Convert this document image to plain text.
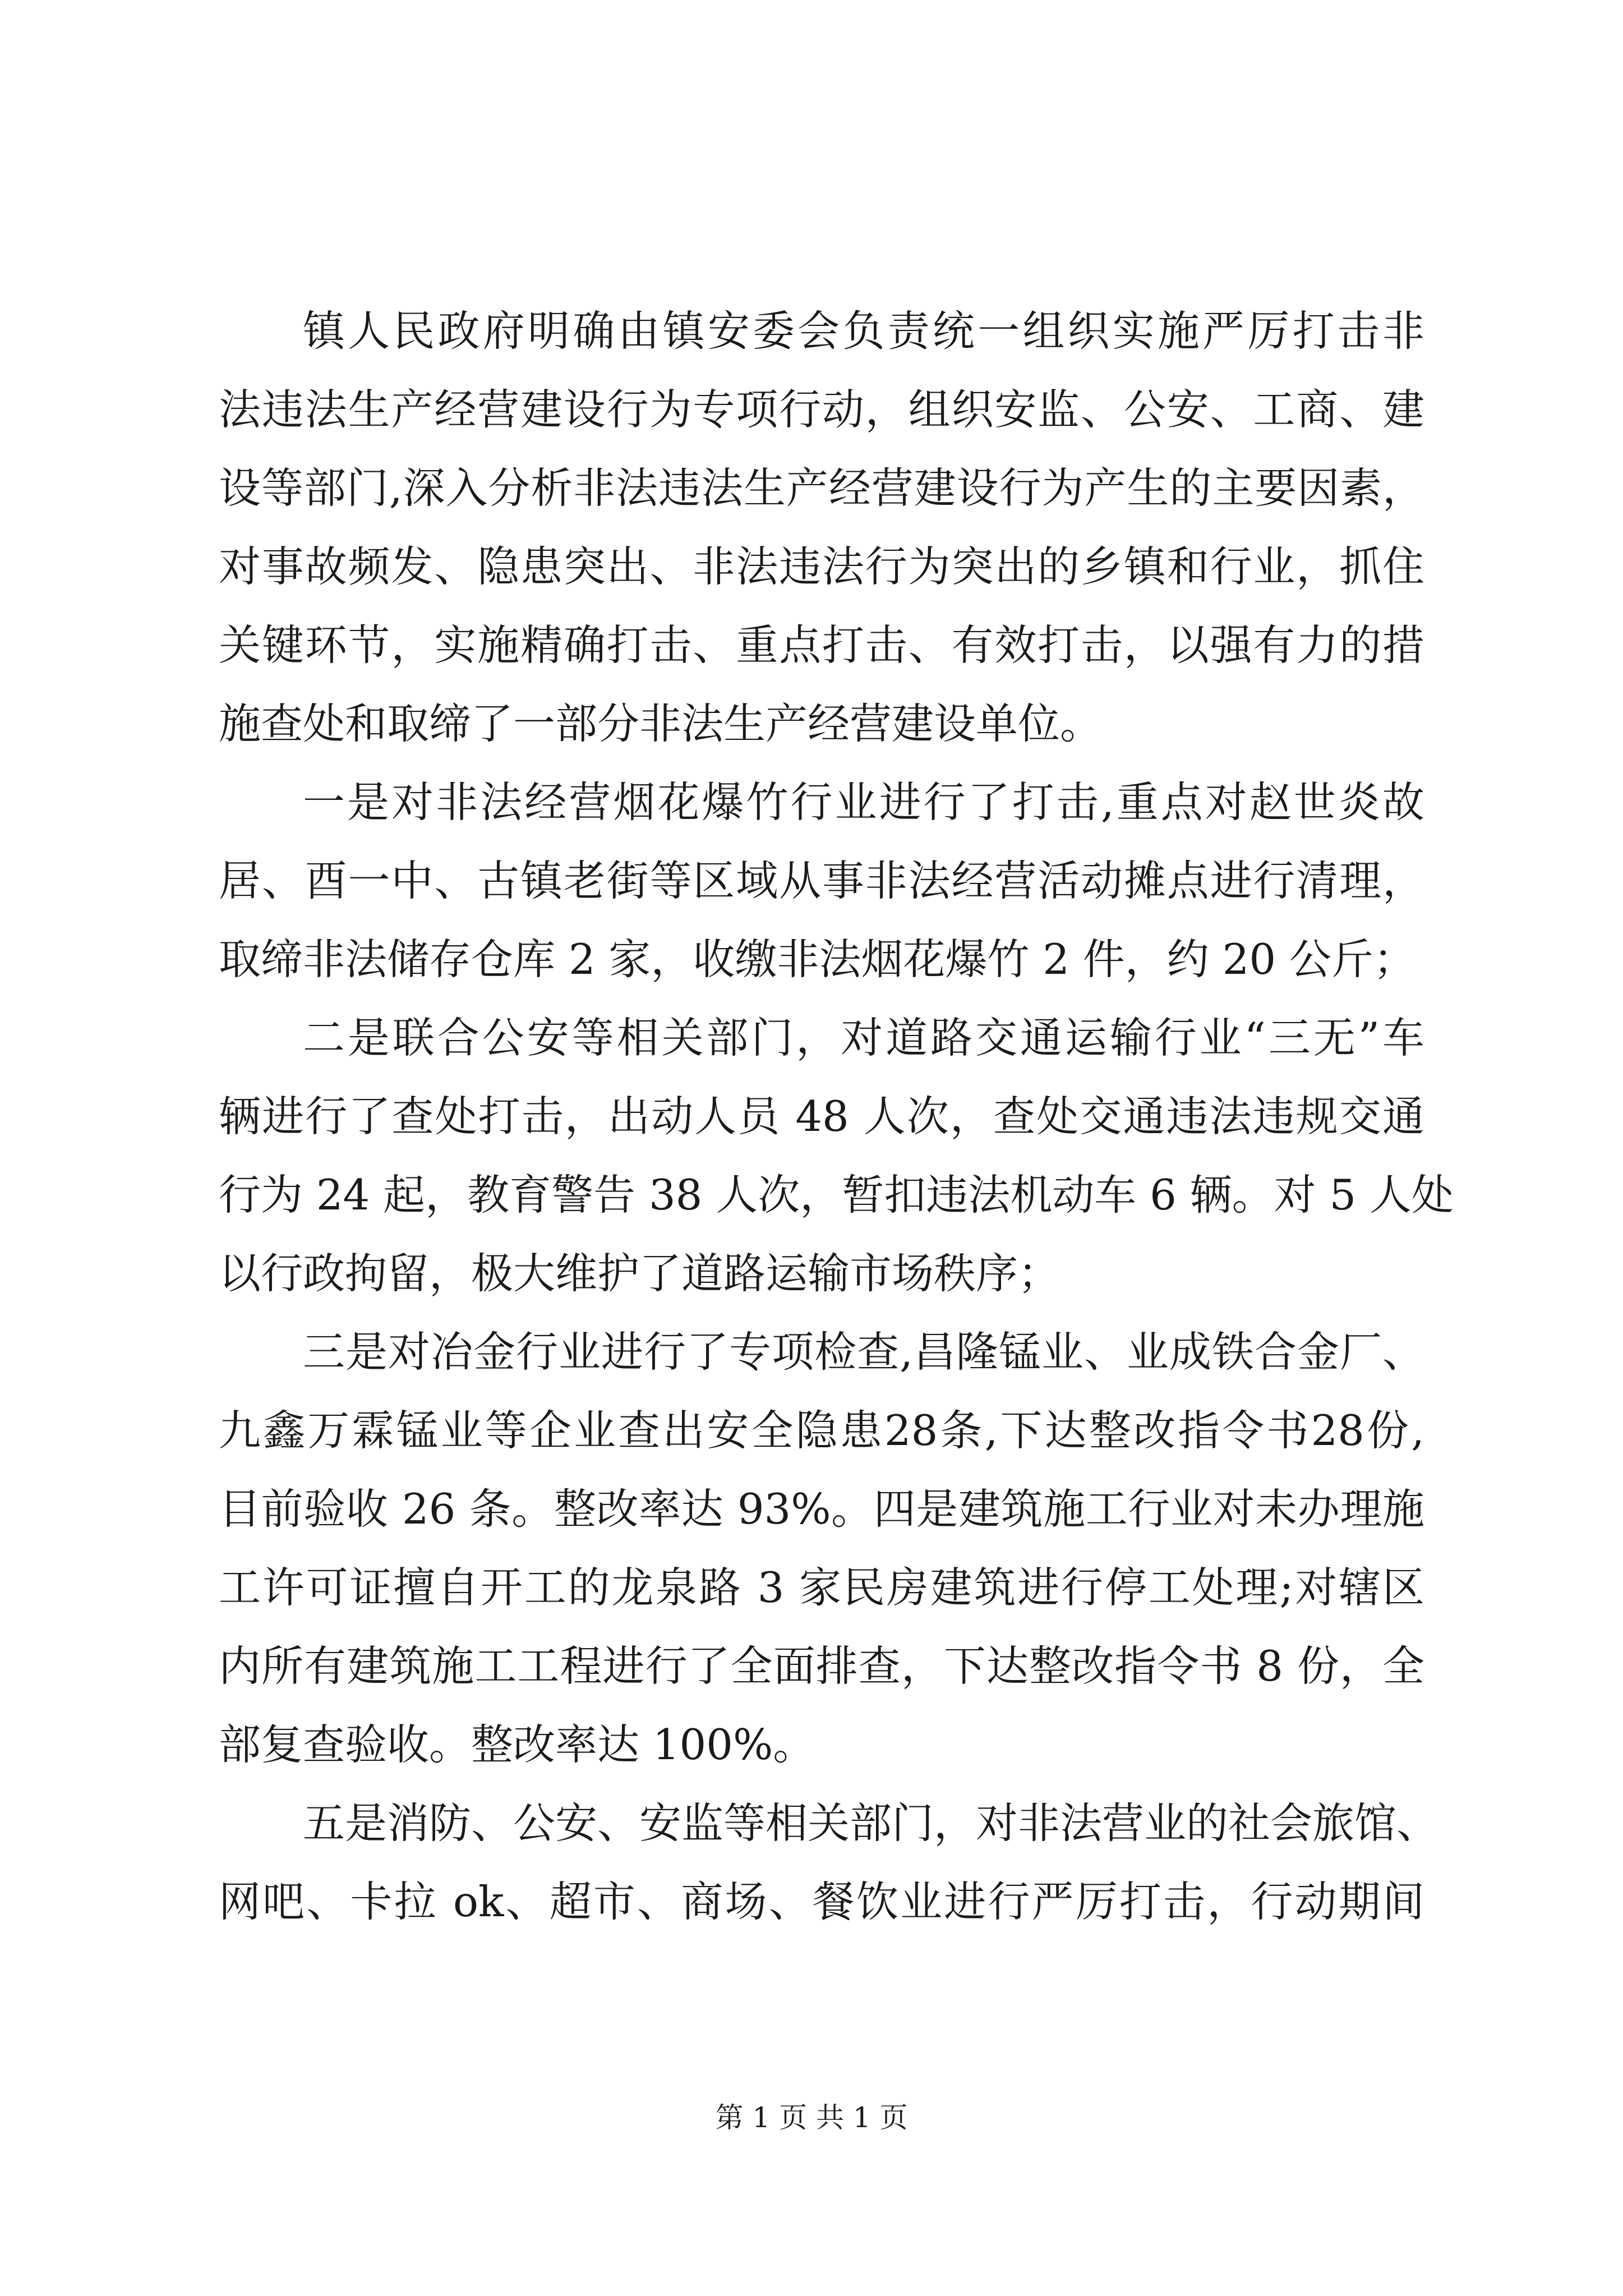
镇人民政府明确由镇安委会负责统一组织实施严厉打击非
法违法生产经营建设行为专项行动，组织安监、公安、工商、建
设等部门,深入分析非法违法生产经营建设行为产生的主要因素，
对事故频发、隐患突出、非法违法行为突出的乡镇和行业，抓住
关键环节，实施精确打击、重点打击、有效打击，以强有力的措
施查处和取缔了一部分非法生产经营建设单位。
一是对非法经营烟花爆竹行业进行了打击,重点对赵世炎故
居、酉一中、古镇老街等区域从事非法经营活动摊点进行清理，
取缔非法储存仓库 2 家，收缴非法烟花爆竹 2 件，约 20 公斤；
二是联合公安等相关部门，对道路交通运输行业“三无”车
辆进行了查处打击，出动人员 48 人次，查处交通违法违规交通
行为 24 起，教育警告 38 人次，暂扣违法机动车 6 辆。对 5 人处
以行政拘留，极大维护了道路运输市场秩序；
三是对冶金行业进行了专项检查,昌隆锰业、业成铁合金厂、
九鑫万霖锰业等企业查出安全隐患28条,下达整改指令书28份,
目前验收 26 条。整改率达 93%。四是建筑施工行业对未办理施
工许可证擅自开工的龙泉路 3 家民房建筑进行停工处理;对辖区
内所有建筑施工工程进行了全面排查，下达整改指令书 8 份，全
部复查验收。整改率达 100%。
五是消防、公安、安监等相关部门，对非法营业的社会旅馆、
网吧、卡拉 ok、超市、商场、餐饮业进行严厉打击，行动期间
第 1 页 共 1 页
